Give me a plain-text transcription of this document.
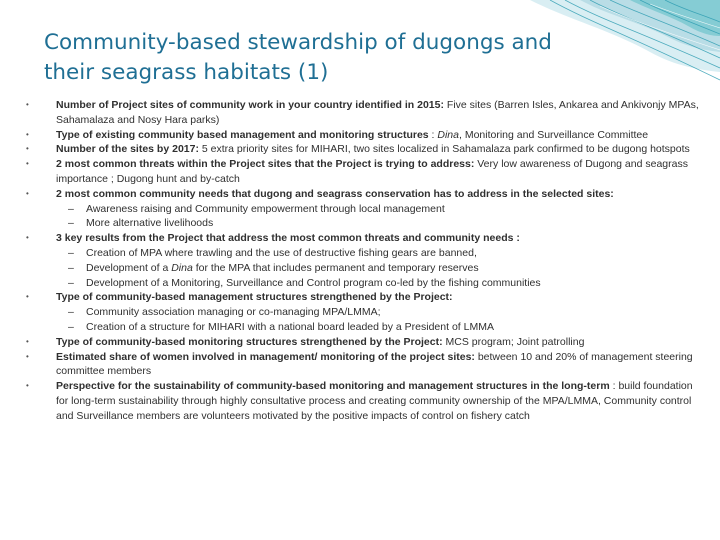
Community-based stewardship of dugongs and
their seagrass habitats (1)
•	Number of Project sites of community work in your country identified in 2015: Five sites (Barren Isles, Ankarea and Ankivonjy MPAs, Sahamalaza and Nosy Hara parks)
•	Type of existing community based management and monitoring structures : Dina, Monitoring and Surveillance Committee
•	Number of the sites by 2017: 5 extra priority sites for MIHARI, two sites localized in Sahamalaza park confirmed to be dugong hotspots
•	2 most common threats within the Project sites that the Project is trying to address: Very low awareness of Dugong and seagrass importance ; Dugong hunt and by-catch
•	2 most common community needs that dugong and seagrass conservation has to address in the selected sites:
– Awareness raising and Community empowerment through local management
– More alternative livelihoods
•	3 key results from the Project that address the most common threats and community needs :
– Creation of MPA where trawling and the use of destructive fishing gears are banned,
– Development of a Dina for the MPA that includes permanent and temporary reserves
– Development of a Monitoring, Surveillance and Control program co-led by the fishing communities
•	Type of community-based management structures strengthened by the Project:
– Community association managing or co-managing MPA/LMMA;
– Creation of a structure for MIHARI with a national board leaded by a President of LMMA
•	Type of community-based monitoring structures strengthened by the Project: MCS program; Joint patrolling
•	Estimated share of women involved in management/ monitoring of the project sites: between 10 and 20% of management steering committee members
•	Perspective for the sustainability of community-based monitoring and management structures in the long-term : build foundation for long-term sustainability through highly consultative process and creating community ownership of the MPA/LMMA, Community control and Surveillance members are volunteers motivated by the positive impacts of control on fishery catch
